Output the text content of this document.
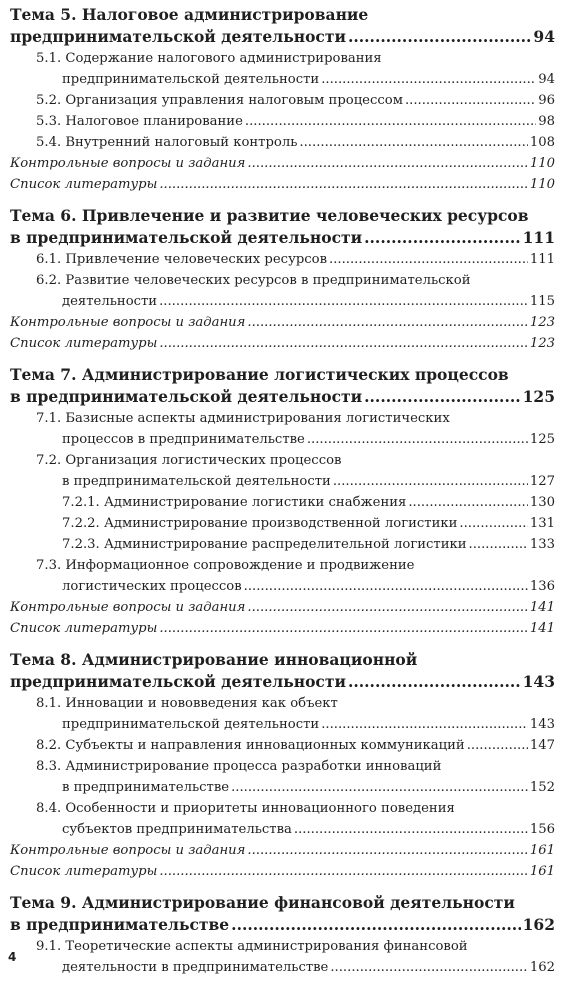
Тема 5. Налоговое администрирование
предпринимательской деятельности .....	94
5.1. Содержание налогового администрирования
предпринимательской деятельности .....	94
5.2. Организация управления налоговым процессом .....	96
5.3. Налоговое планирование .....	98
5.4. Внутренний налоговый контроль .....	108
Контрольные вопросы и задания .....	110
Список литературы .....	110
Тема 6. Привлечение и развитие человеческих ресурсов
в предпринимательской деятельности .....	111
6.1. Привлечение человеческих ресурсов .....	111
6.2. Развитие человеческих ресурсов в предпринимательской
деятельности .....	115
Контрольные вопросы и задания .....	123
Список литературы .....	123
Тема 7. Администрирование логистических процессов
в предпринимательской деятельности .....	125
7.1. Базисные аспекты администрирования логистических
процессов в предпринимательстве .....	125
7.2. Организация логистических процессов
в предпринимательской деятельности .....	127
7.2.1. Администрирование логистики снабжения .....	130
7.2.2. Администрирование производственной логистики .....	131
7.2.3. Администрирование распределительной логистики .....	133
7.3. Информационное сопровождение и продвижение
логистических процессов .....	136
Контрольные вопросы и задания .....	141
Список литературы .....	141
Тема 8. Администрирование инновационной
предпринимательской деятельности .....	143
8.1. Инновации и нововведения как объект
предпринимательской деятельности .....	143
8.2. Субъекты и направления инновационных коммуникаций .....	147
8.3. Администрирование процесса разработки инноваций
в предпринимательстве .....	152
8.4. Особенности и приоритеты инновационного поведения
субъектов предпринимательства .....	156
Контрольные вопросы и задания .....	161
Список литературы .....	161
Тема 9. Администрирование финансовой деятельности
в предпринимательстве .....	162
9.1. Теоретические аспекты администрирования финансовой
деятельности в предпринимательстве .....	162
4
